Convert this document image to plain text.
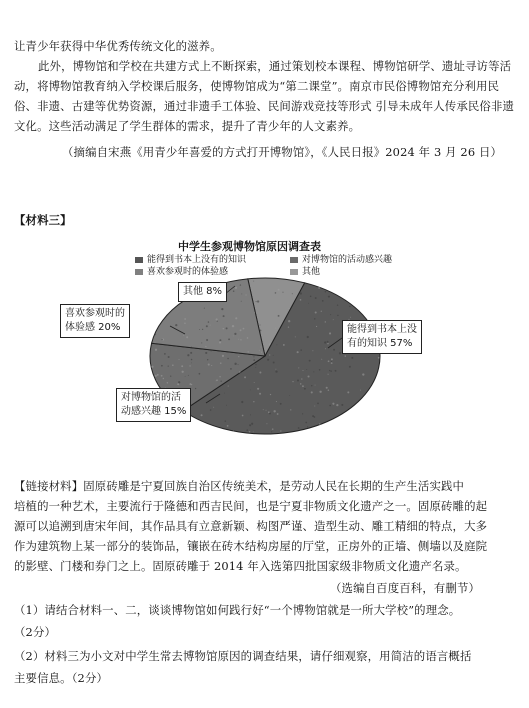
让青少年获得中华优秀传统文化的滋养。
此外，博物馆和学校在共建方式上不断探索，通过策划校本课程、博物馆研学、遗址寻访等活
动，将博物馆教育纳入学校课后服务，使博物馆成为“第二课堂”。南京市民俗博物馆充分利用民
俗、非遗、古建等优势资源，通过非遗手工体验、民间游戏竞技等形式 引导未成年人传承民俗非遗
文化。这些活动满足了学生群体的需求，提升了青少年的人文素养。
（摘编自宋燕《用青少年喜爱的方式打开博物馆》，《人民日报》2024 年 3 月 26 日）
【材料三】
中学生参观博物馆原因调查表
能得到书本上没有的知识	对博物馆的活动感兴趣
喜欢参观时的体验感	其他
其他 8%
喜欢参观时的
体验感 20%	能得到书本上没
有的知识 57%
对博物馆的活
动感兴趣 15%
【链接材料】固原砖雕是宁夏回族自治区传统美术，是劳动人民在长期的生产生活实践中
培植的一种艺术，主要流行于隆德和西吉民间，也是宁夏非物质文化遗产之一。固原砖雕的起
源可以追溯到唐宋年间，其作品具有立意新颖、构图严谨、造型生动、雕工精细的特点，大多
作为建筑物上某一部分的装饰品，镶嵌在砖木结构房屋的厅堂，正房外的正墙、侧墙以及庭院
的影壁、门楼和券门之上。固原砖雕于 2014 年入选第四批国家级非物质文化遗产名录。
（选编自百度百科，有删节）
（1）请结合材料一、二，谈谈博物馆如何践行好“一个博物馆就是一所大学校”的理念。
（2分）
（2）材料三为小文对中学生常去博物馆原因的调查结果，请仔细观察，用简洁的语言概括
主要信息。（2分）
